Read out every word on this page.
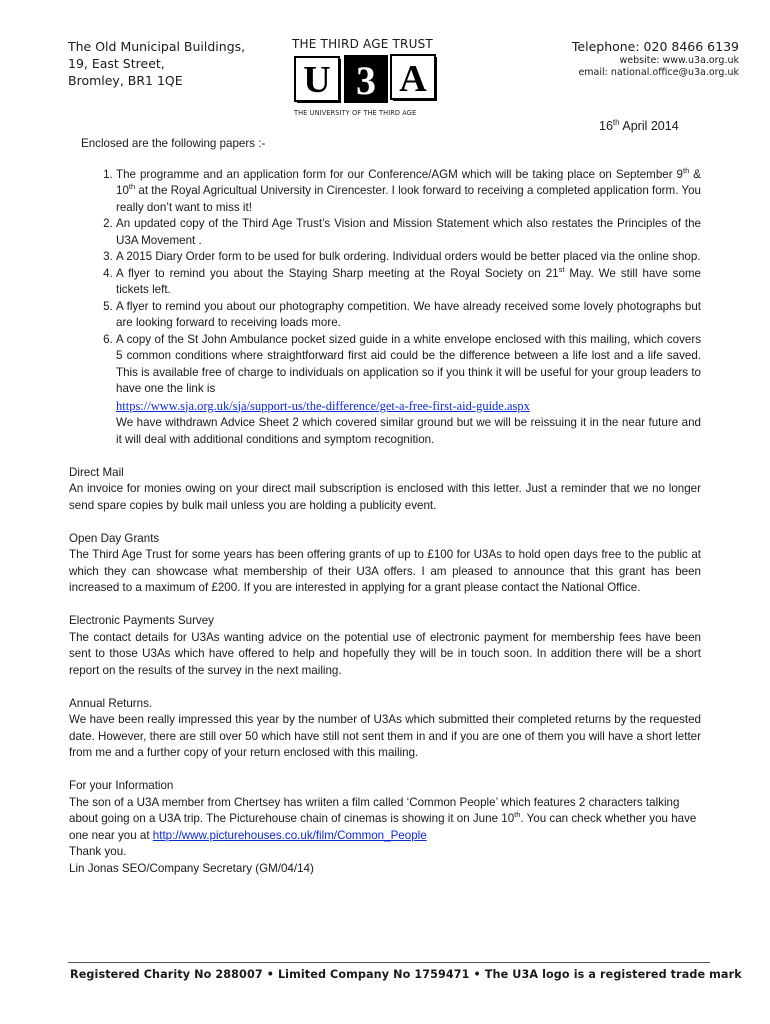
The Old Municipal Buildings,
19, East Street,
Bromley, BR1 1QE
THE THIRD AGE TRUST
U 3 A
THE UNIVERSITY OF THE THIRD AGE
Telephone: 020 8466 6139
website: www.u3a.org.uk
email: national.office@u3a.org.uk
16th April 2014

Enclosed are the following papers :-

1. The programme and an application form for our Conference/AGM which will be taking place on September 9th & 10th at the Royal Agricultual University in Cirencester. I look forward to receiving a completed application form. You really don’t want to miss it!
2. An updated copy of the Third Age Trust’s Vision and Mission Statement which also restates the Principles of the U3A Movement .
3. A 2015 Diary Order form to be used for bulk ordering. Individual orders would be better placed via the online shop.
4. A flyer to remind you about the Staying Sharp meeting at the Royal Society on 21st May. We still have some tickets left.
5. A flyer to remind you about our photography competition. We have already received some lovely photographs but are looking forward to receiving loads more.
6. A copy of the St John Ambulance pocket sized guide in a white envelope enclosed with this mailing, which covers 5 common conditions where straightforward first aid could be the difference between a life lost and a life saved. This is available free of charge to individuals on application so if you think it will be useful for your group leaders to have one the link is
https://www.sja.org.uk/sja/support-us/the-difference/get-a-free-first-aid-guide.aspx
We have withdrawn Advice Sheet 2 which covered similar ground but we will be reissuing it in the near future and it will deal with additional conditions and symptom recognition.
Direct Mail
An invoice for monies owing on your direct mail subscription is enclosed with this letter. Just a reminder that we no longer send spare copies by bulk mail unless you are holding a publicity event.
Open Day Grants
The Third Age Trust for some years has been offering grants of up to £100 for U3As to hold open days free to the public at which they can showcase what membership of their U3A offers. I am pleased to announce that this grant has been increased to a maximum of £200. If you are interested in applying for a grant please contact the National Office.
Electronic Payments Survey
The contact details for U3As wanting advice on the potential use of electronic payment for membership fees have been sent to those U3As which have offered to help and hopefully they will be in touch soon. In addition there will be a short report on the results of the survey in the next mailing.
Annual Returns.
We have been really impressed this year by the number of U3As which submitted their completed returns by the requested date. However, there are still over 50 which have still not sent them in and if you are one of them you will have a short letter from me and a further copy of your return enclosed with this mailing.
For your Information
The son of a U3A member from Chertsey has wriiten a film called ‘Common People’ which features 2 characters talking about going on a U3A trip. The Picturehouse chain of cinemas is showing it on June 10th. You can check whether you have one near you at http://www.picturehouses.co.uk/film/Common_People

Thank you.

Lin Jonas SEO/Company Secretary (GM/04/14)

Registered Charity No 288007 • Limited Company No 1759471 • The U3A logo is a registered trade mark
